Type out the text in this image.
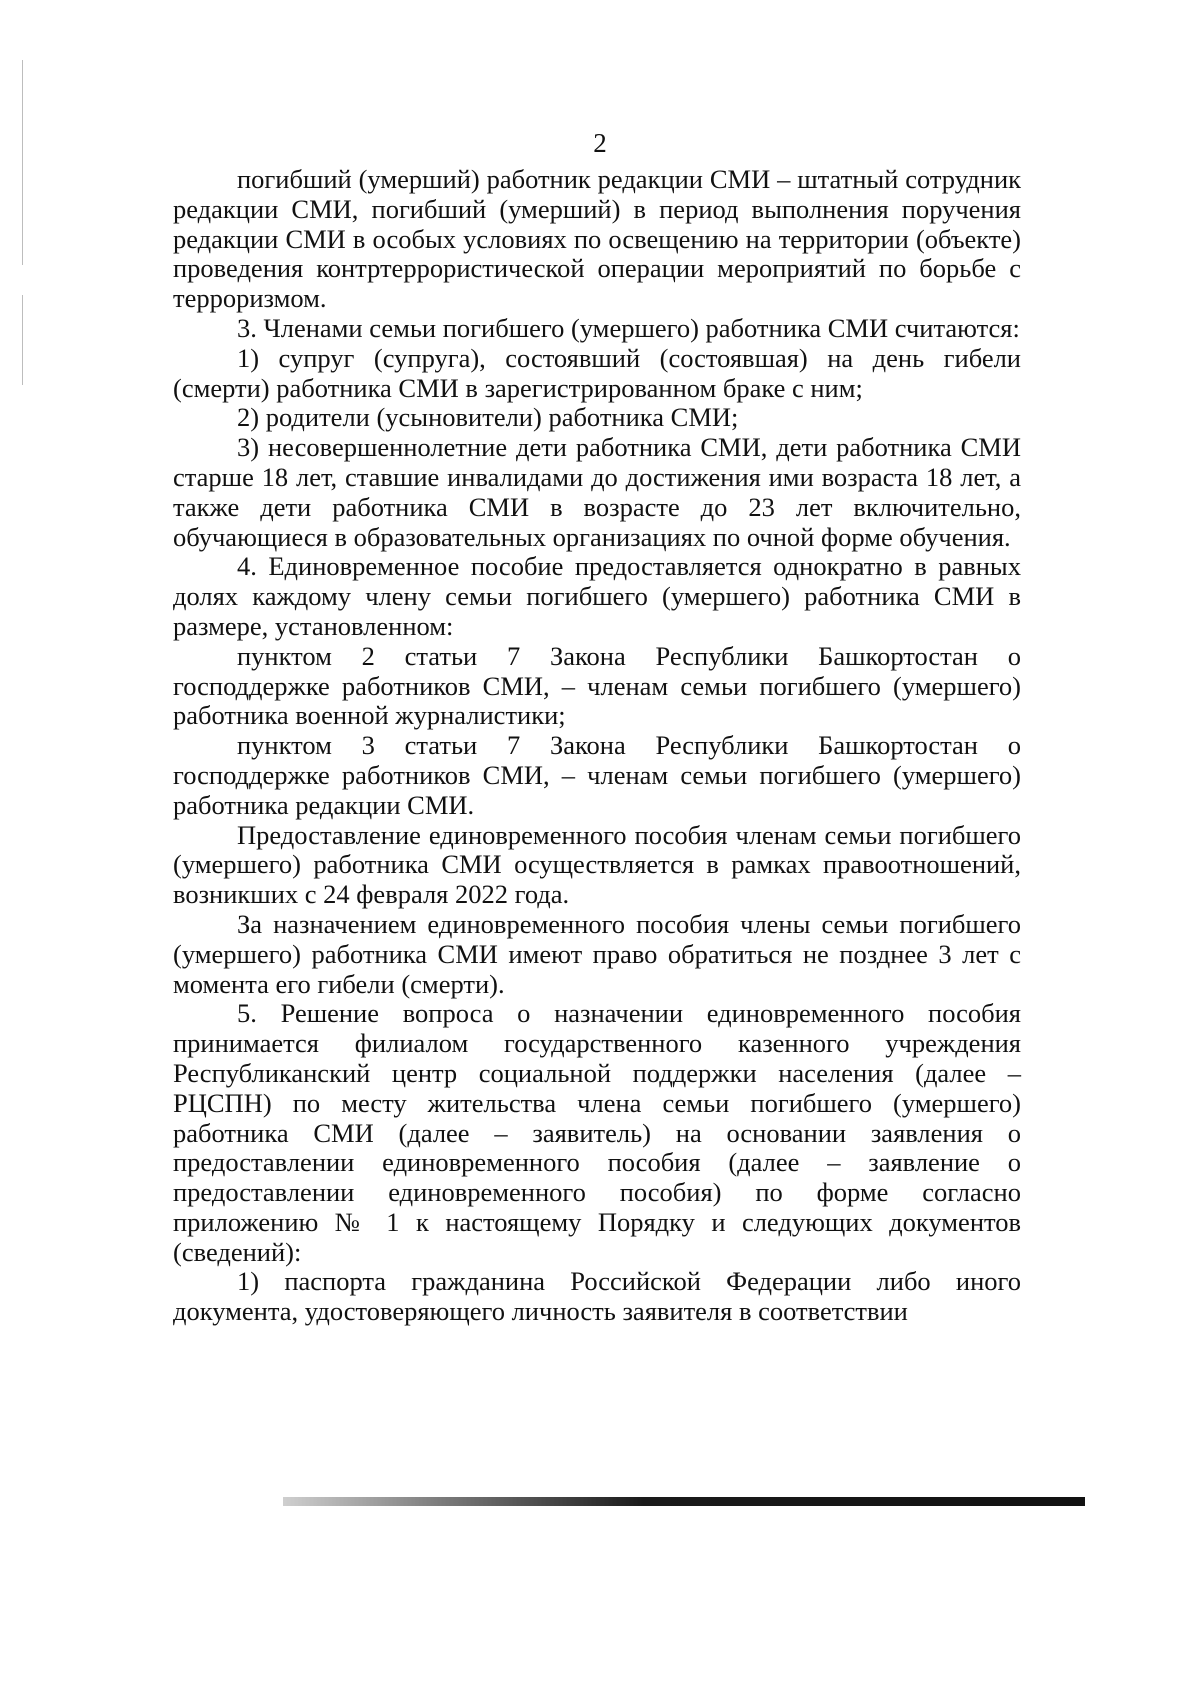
2

погибший (умерший) работник редакции СМИ – штатный сотрудник редакции СМИ, погибший (умерший) в период выполнения поручения редакции СМИ в особых условиях по освещению на территории (объекте) проведения контртеррористической операции мероприятий по борьбе с терроризмом.

3. Членами семьи погибшего (умершего) работника СМИ считаются:

1) супруг (супруга), состоявший (состоявшая) на день гибели (смерти) работника СМИ в зарегистрированном браке с ним;

2) родители (усыновители) работника СМИ;

3) несовершеннолетние дети работника СМИ, дети работника СМИ старше 18 лет, ставшие инвалидами до достижения ими возраста 18 лет, а также дети работника СМИ в возрасте до 23 лет включительно, обучающиеся в образовательных организациях по очной форме обучения.

4. Единовременное пособие предоставляется однократно в равных долях каждому члену семьи погибшего (умершего) работника СМИ в размере, установленном:

пунктом 2 статьи 7 Закона Республики Башкортостан о господдержке работников СМИ, – членам семьи погибшего (умершего) работника военной журналистики;

пунктом 3 статьи 7 Закона Республики Башкортостан о господдержке работников СМИ, – членам семьи погибшего (умершего) работника редакции СМИ.

Предоставление единовременного пособия членам семьи погибшего (умершего) работника СМИ осуществляется в рамках правоотношений, возникших с 24 февраля 2022 года.

За назначением единовременного пособия члены семьи погибшего (умершего) работника СМИ имеют право обратиться не позднее 3 лет с момента его гибели (смерти).

5. Решение вопроса о назначении единовременного пособия принимается филиалом государственного казенного учреждения Республиканский центр социальной поддержки населения (далее – РЦСПН) по месту жительства члена семьи погибшего (умершего) работника СМИ (далее – заявитель) на основании заявления о предоставлении единовременного пособия (далее – заявление о предоставлении единовременного пособия) по форме согласно приложению № 1 к настоящему Порядку и следующих документов (сведений):

1) паспорта гражданина Российской Федерации либо иного документа, удостоверяющего личность заявителя в соответствии
